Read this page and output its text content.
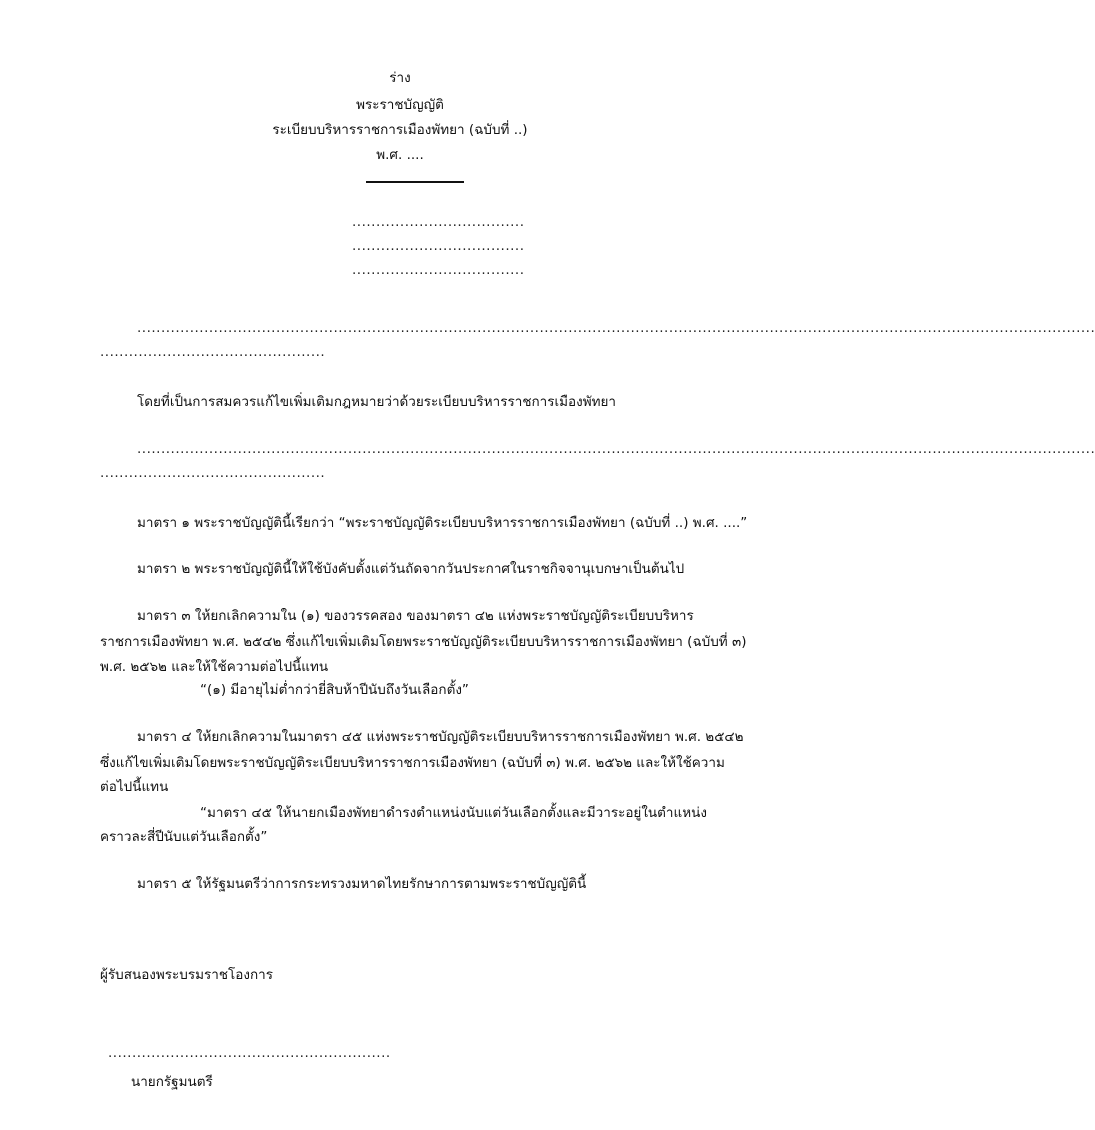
ร่าง
พระราชบัญญัติ
ระเบียบบริหารราชการเมืองพัทยา (ฉบับที่ ..)
พ.ศ. ....
....................................
....................................
....................................
........................................................................................................................................................................................................
...............................................
โดยที่เป็นการสมควรแก้ไขเพิ่มเติมกฎหมายว่าด้วยระเบียบบริหารราชการเมืองพัทยา
........................................................................................................................................................................................................
...............................................
มาตรา ๑ พระราชบัญญัตินี้เรียกว่า “พระราชบัญญัติระเบียบบริหารราชการเมืองพัทยา (ฉบับที่ ..) พ.ศ. ....”
มาตรา ๒ พระราชบัญญัตินี้ให้ใช้บังคับตั้งแต่วันถัดจากวันประกาศในราชกิจจานุเบกษาเป็นต้นไป
มาตรา ๓ ให้ยกเลิกความใน (๑) ของวรรคสอง ของมาตรา ๔๒ แห่งพระราชบัญญัติระเบียบบริหาร
ราชการเมืองพัทยา พ.ศ. ๒๕๔๒ ซึ่งแก้ไขเพิ่มเติมโดยพระราชบัญญัติระเบียบบริหารราชการเมืองพัทยา (ฉบับที่ ๓)
พ.ศ. ๒๕๖๒ และให้ใช้ความต่อไปนี้แทน
“(๑) มีอายุไม่ต่ำกว่ายี่สิบห้าปีนับถึงวันเลือกตั้ง”
มาตรา ๔ ให้ยกเลิกความในมาตรา ๔๕ แห่งพระราชบัญญัติระเบียบบริหารราชการเมืองพัทยา พ.ศ. ๒๕๔๒
ซึ่งแก้ไขเพิ่มเติมโดยพระราชบัญญัติระเบียบบริหารราชการเมืองพัทยา (ฉบับที่ ๓) พ.ศ. ๒๕๖๒ และให้ใช้ความ
ต่อไปนี้แทน
“มาตรา ๔๕ ให้นายกเมืองพัทยาดำรงตำแหน่งนับแต่วันเลือกตั้งและมีวาระอยู่ในตำแหน่ง
คราวละสี่ปีนับแต่วันเลือกตั้ง”
มาตรา ๕ ให้รัฐมนตรีว่าการกระทรวงมหาดไทยรักษาการตามพระราชบัญญัตินี้
ผู้รับสนองพระบรมราชโองการ
...........................................................
นายกรัฐมนตรี
